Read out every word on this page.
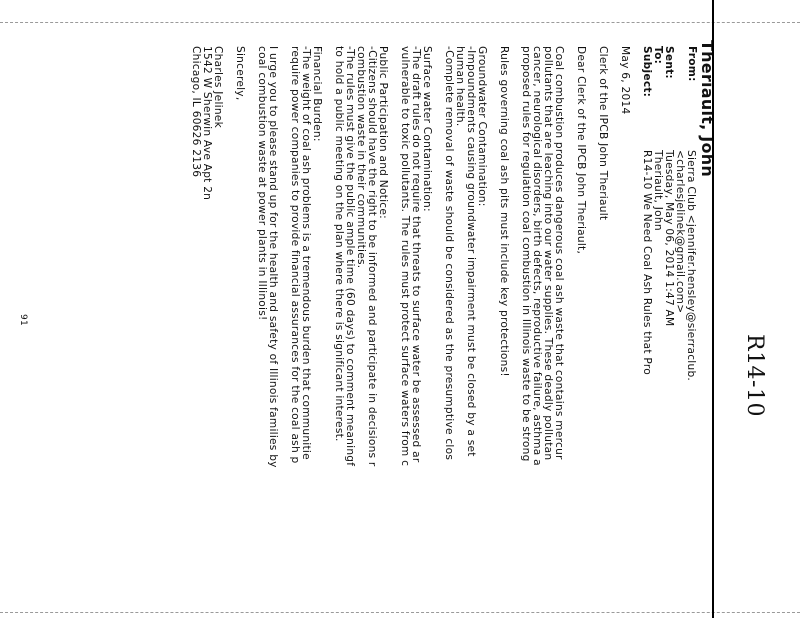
R14-10
Theriault, John
From:
Sierra Club <jennifer.hensley@sierraclub.
<charlesjelinek@gmail.com>
Sent:
Tuesday, May 06, 2014 1:47 AM
To:
Theriault, John
Subject:
R14-10 We Need Coal Ash Rules that Pro
May 6, 2014
Clerk of the IPCB John Theriault
Dear Clerk of the IPCB John Theriault,
Coal combustion produces dangerous coal ash waste that contains mercur
pollutants that are leaching into our water supplies. These deadly pollutan
cancer, neurological disorders, birth defects, reproductive failure, asthma a
proposed rules for regulation coal combustion in Illinois waste to be strong
Rules governing coal ash pits must include key protections!
Groundwater Contamination:
-Impoundments causing groundwater impairment must be closed by a set
human health.
-Complete removal of waste should be considered as the presumptive clos
Surface water Contamination:
-The draft rules do not require that threats to surface water be assessed ar
vulnerable to toxic pollutants. The rules must protect surface waters from c
Public Participation and Notice:
-Citizens should have the right to be informed and participate in decisions r
combustion waste in their communities.
-The rules must give the public ample time (60 days) to comment meaningf
to hold a public meeting on the plan where there is significant interest.
Financial Burden:
-The weight of coal ash problems is a tremendous burden that communitie
require power companies to provide financial assurances for the coal ash p
I urge you to please stand up for the health and safety of Illinois families by
coal combustion waste at power plants in Illinois!
Sincerely,
Charles Jelinek
1542 W Sherwin Ave Apt 2n
Chicago, IL 60626 2136
91
